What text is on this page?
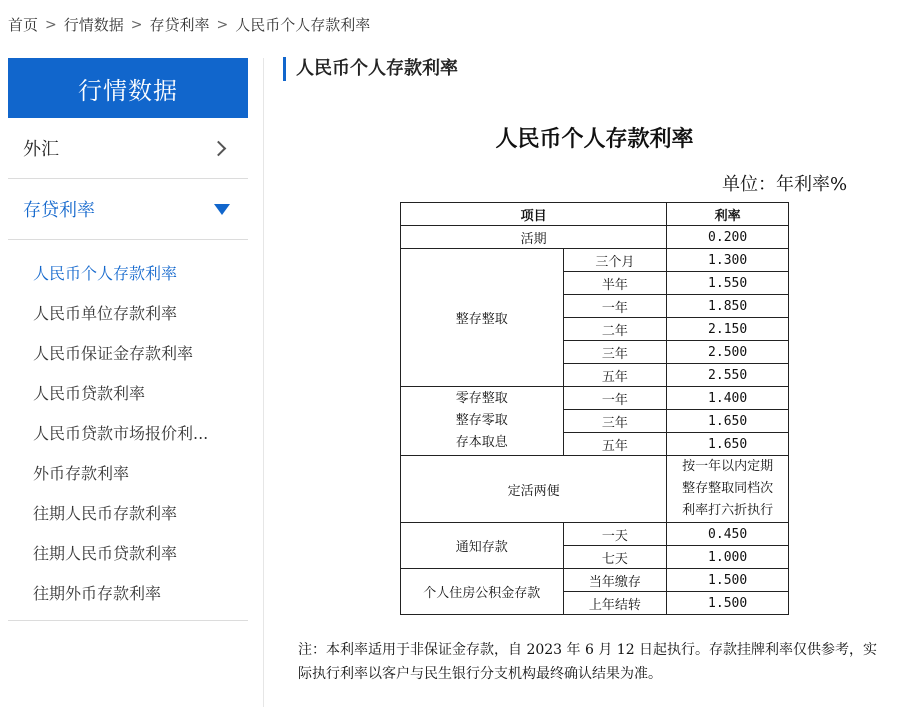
首页 > 行情数据 > 存贷利率 > 人民币个人存款利率
行情数据
外汇
存贷利率
人民币个人存款利率
人民币单位存款利率
人民币保证金存款利率
人民币贷款利率
人民币贷款市场报价利...
外币存款利率
往期人民币存款利率
往期人民币贷款利率
往期外币存款利率
人民币个人存款利率
人民币个人存款利率
单位：年利率%
项目		利率
活期		0.200
整存整取	三个月	1.300
	半年	1.550
	一年	1.850
	二年	2.150
	三年	2.500
	五年	2.550

零存整取
整存零取
存本取息	一年	1.400
	三年	1.650
	五年	1.650
定活两便		按一年以内定期
整存整取同档次
利率打六折执行

通知存款	一天	0.450
	七天	1.000
个人住房公积金存款	当年缴存	1.500
	上年结转	1.500
注：本利率适用于非保证金存款，自 2023 年 6 月 12 日起执行。存款挂牌利率仅供参考，实
际执行利率以客户与民生银行分支机构最终确认结果为准。
